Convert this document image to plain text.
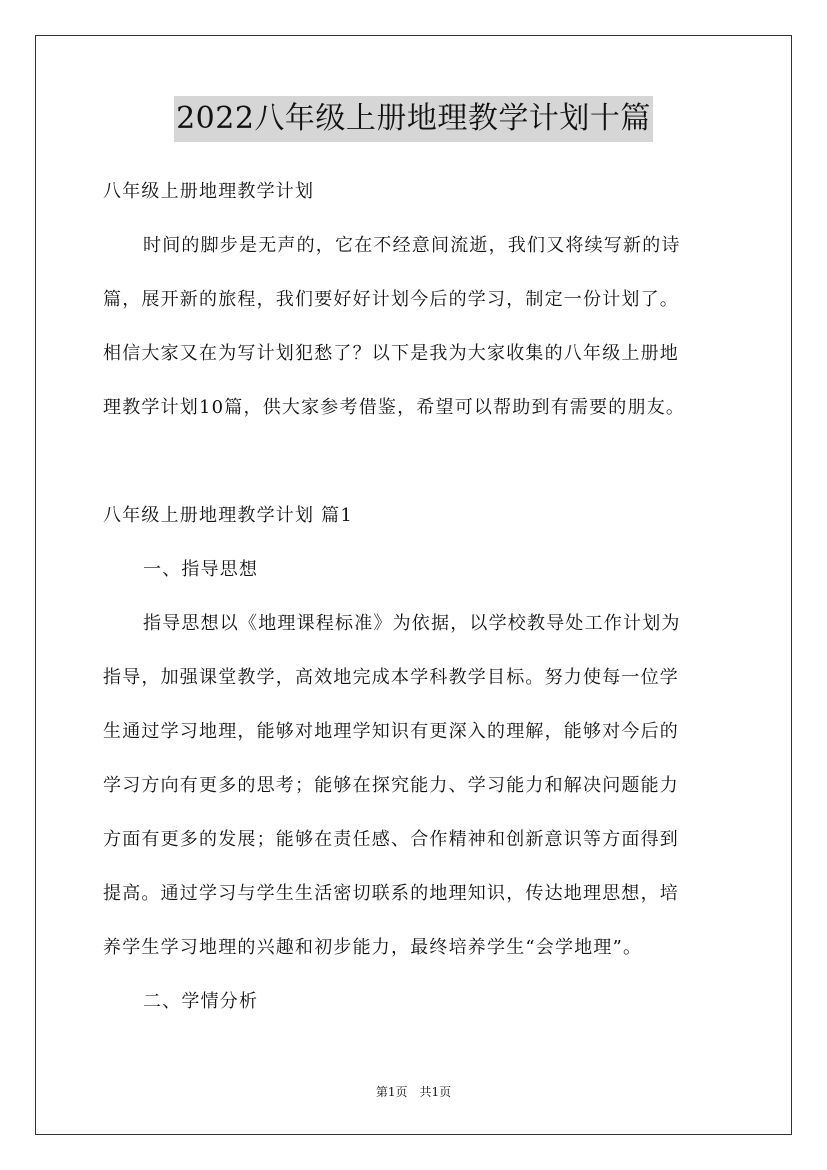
2022八年级上册地理教学计划十篇
八年级上册地理教学计划
时间的脚步是无声的，它在不经意间流逝，我们又将续写新的诗
篇，展开新的旅程，我们要好好计划今后的学习，制定一份计划了。
相信大家又在为写计划犯愁了？以下是我为大家收集的八年级上册地
理教学计划10篇，供大家参考借鉴，希望可以帮助到有需要的朋友。
八年级上册地理教学计划 篇1
一、指导思想
指导思想以《地理课程标准》为依据，以学校教导处工作计划为
指导，加强课堂教学，高效地完成本学科教学目标。努力使每一位学
生通过学习地理，能够对地理学知识有更深入的理解，能够对今后的
学习方向有更多的思考；能够在探究能力、学习能力和解决问题能力
方面有更多的发展；能够在责任感、合作精神和创新意识等方面得到
提高。通过学习与学生生活密切联系的地理知识，传达地理思想，培
养学生学习地理的兴趣和初步能力，最终培养学生“会学地理”。
二、学情分析
第1页　共1页
